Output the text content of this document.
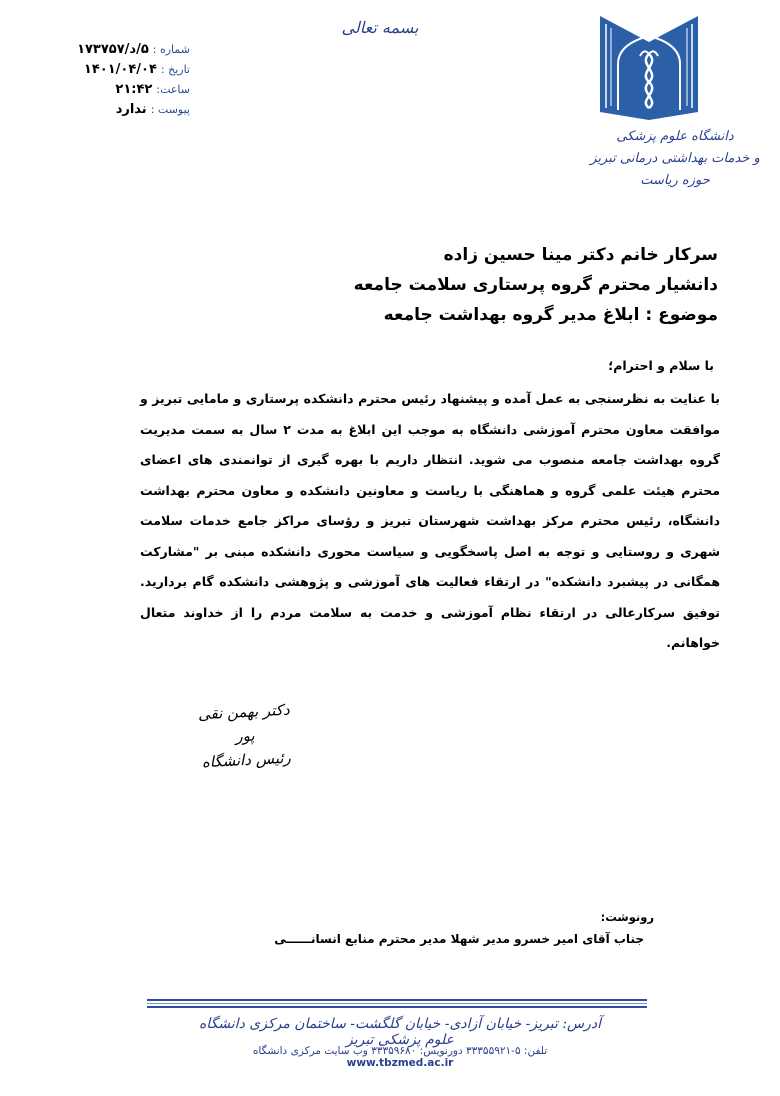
بسمه تعالی
شماره :
۵/د/۱۷۳۷۵۷
تاریخ :
۱۴۰۱/۰۴/۰۴
ساعت:
۲۱:۴۲
پیوست :
ندارد
دانشگاه علوم پزشکی
و خدمات بهداشتی درمانی تبریز
حوزه ریاست
سرکار خانم دکتر مینا حسین زاده
دانشیار محترم گروه پرستاری سلامت جامعه
موضوع : ابلاغ مدیر گروه بهداشت جامعه
با سلام و احترام؛
با عنایت به نظرسنجی به عمل آمده و پیشنهاد رئیس محترم دانشکده پرستاری و مامایی تبریز و موافقت معاون محترم آموزشی دانشگاه به موجب این ابلاغ به مدت ۲ سال به سمت مدیریت گروه بهداشت جامعه منصوب می شوید. انتظار داریم با بهره گیری از توانمندی های اعضای محترم هیئت علمی گروه و هماهنگی با ریاست و معاونین دانشکده و معاون محترم بهداشت دانشگاه، رئیس محترم مرکز بهداشت شهرستان تبریز و رؤسای مراکز جامع خدمات سلامت شهری و روستایی و توجه به اصل پاسخگویی و سیاست محوری دانشکده مبنی بر "مشارکت همگانی در پیشبرد دانشکده" در ارتقاء فعالیت های آموزشی و پژوهشی دانشکده گام بردارید. توفیق سرکارعالی در ارتقاء نظام آموزشی و خدمت به سلامت مردم را از خداوند متعال خواهانم.
دکتر بهمن نقی پور
رئیس دانشگاه
رونوشت:
جناب آقای امیر خسرو مدیر شهلا مدیر محترم منابع انسانــــــی
آدرس: تبریز- خیابان آزادی- خیابان گلگشت- ساختمان مرکزی دانشگاه علوم پزشکی تبریز
تلفن: ۵-۳۳۳۵۵۹۲۱ دورنویس: ۳۳۳۵۹۶۸۰ وب سایت مرکزی دانشگاه www.tbzmed.ac.ir
